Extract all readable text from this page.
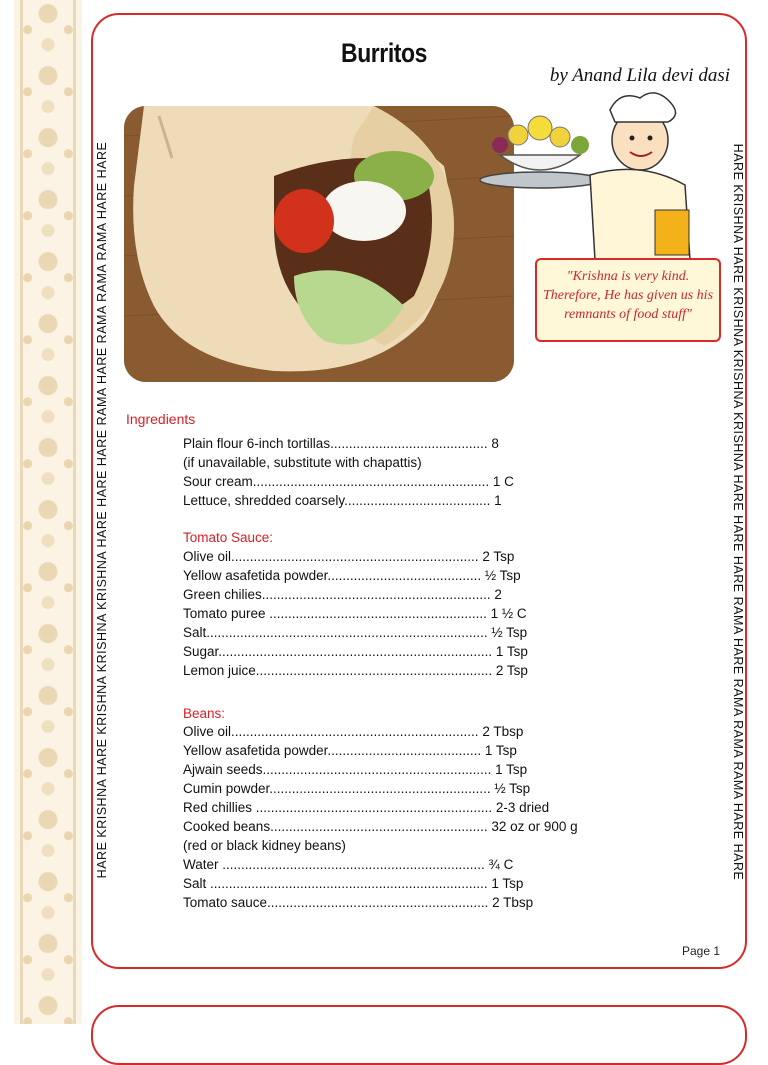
HARE KRISHNA HARE KRISHNA KRISHNA KRISHNA HARE HARE HARE RAMA HARE RAMA RAMA RAMA HARE HARE	HARE KRISHNA HARE KRISHNA KRISHNA KRISHNA HARE HARE HARE RAMA HARE RAMA RAMA RAMA HARE HARE
Burritos
by Anand Lila devi dasi
"Krishna is very kind. Therefore, He has given us his remnants of food stuff"
Ingredients
Plain flour 6-inch tortillas.......................................... 8
(if unavailable, substitute with chapattis)
Sour cream............................................................... 1 C
Lettuce, shredded coarsely....................................... 1
Tomato Sauce:
Olive oil.................................................................. 2 Tsp
Yellow asafetida powder......................................... ½ Tsp
Green chilies............................................................. 2
Tomato puree .......................................................... 1 ½ C
Salt........................................................................... ½ Tsp
Sugar......................................................................... 1 Tsp
Lemon juice............................................................... 2 Tsp
Beans:
Olive oil.................................................................. 2 Tbsp
Yellow asafetida powder......................................... 1 Tsp
Ajwain seeds............................................................. 1 Tsp
Cumin powder........................................................... ½ Tsp
Red chillies ............................................................... 2-3 dried
Cooked beans.......................................................... 32 oz or 900 g
(red or black kidney beans)
Water ...................................................................... ¾ C
Salt .......................................................................... 1 Tsp
Tomato sauce........................................................... 2 Tbsp
Page 1
